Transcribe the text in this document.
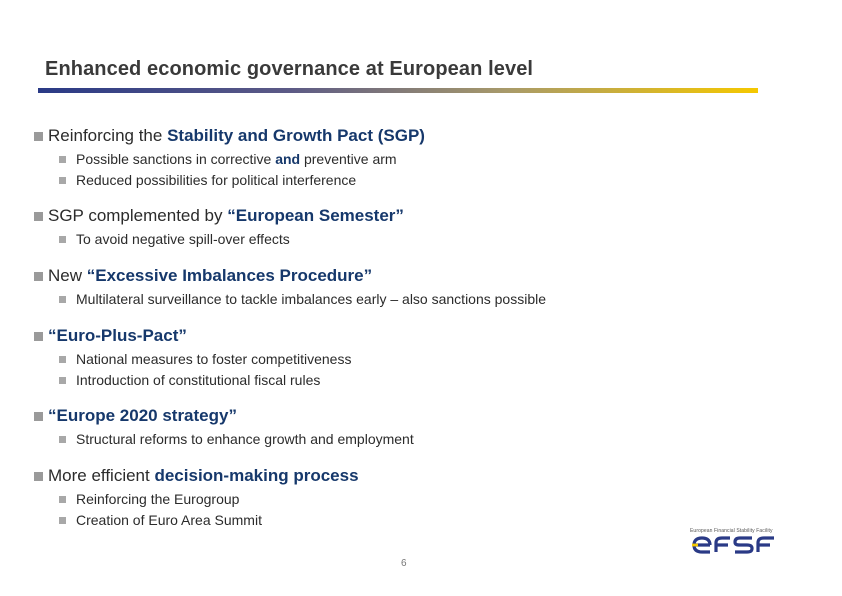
Enhanced economic governance at European level
Reinforcing the Stability and Growth Pact (SGP)
Possible sanctions in corrective and preventive arm
Reduced possibilities for political interference
SGP complemented by “European Semester”
To avoid negative spill-over effects
New “Excessive Imbalances Procedure”
Multilateral surveillance to tackle imbalances early – also sanctions possible
“Euro-Plus-Pact”
National measures to foster competitiveness
Introduction of constitutional fiscal rules
“Europe 2020 strategy”
Structural reforms to enhance growth and employment
More efficient decision-making process
Reinforcing the Eurogroup
Creation of Euro Area Summit
6
European Financial Stability Facility
